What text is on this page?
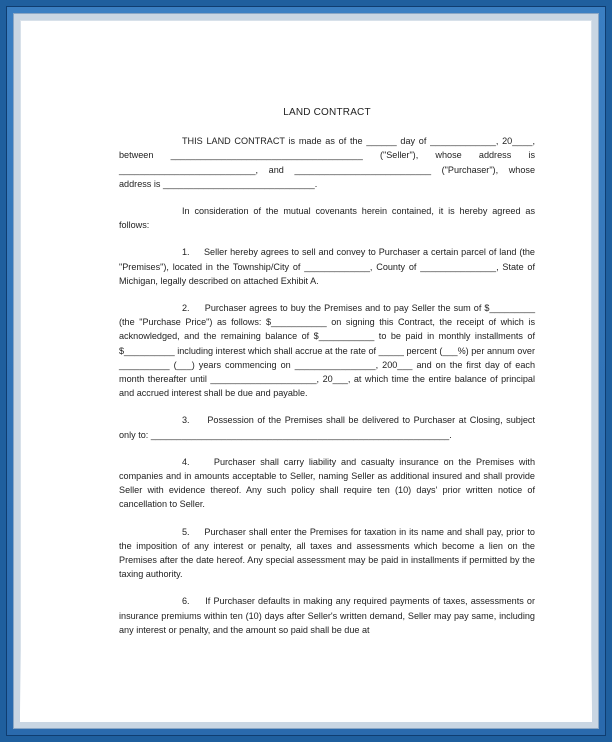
LAND CONTRACT

THIS LAND CONTRACT is made as of the ______ day of _____________, 20____, between ______________________________________ ("Seller"), whose address is ___________________________, and ___________________________ ("Purchaser"), whose address is ______________________________.

In consideration of the mutual covenants herein contained, it is hereby agreed as follows:

1.     Seller hereby agrees to sell and convey to Purchaser a certain parcel of land (the "Premises"), located in the Township/City of _____________, County of _______________, State of Michigan, legally described on attached Exhibit A.

2.     Purchaser agrees to buy the Premises and to pay Seller the sum of $_________ (the "Purchase Price") as follows: $___________ on signing this Contract, the receipt of which is acknowledged, and the remaining balance of $___________ to be paid in monthly installments of $__________ including interest which shall accrue at the rate of _____ percent (___%) per annum over __________ (___) years commencing on ________________, 200___ and on the first day of each month thereafter until _____________________, 20___, at which time the entire balance of principal and accrued interest shall be due and payable.

3.     Possession of the Premises shall be delivered to Purchaser at Closing, subject only to: ___________________________________________________________.

4.     Purchaser shall carry liability and casualty insurance on the Premises with companies and in amounts acceptable to Seller, naming Seller as additional insured and shall provide Seller with evidence thereof. Any such policy shall require ten (10) days' prior written notice of cancellation to Seller.

5.     Purchaser shall enter the Premises for taxation in its name and shall pay, prior to the imposition of any interest or penalty, all taxes and assessments which become a lien on the Premises after the date hereof. Any special assessment may be paid in installments if permitted by the taxing authority.

6.     If Purchaser defaults in making any required payments of taxes, assessments or insurance premiums within ten (10) days after Seller's written demand, Seller may pay same, including any interest or penalty, and the amount so paid shall be due at
